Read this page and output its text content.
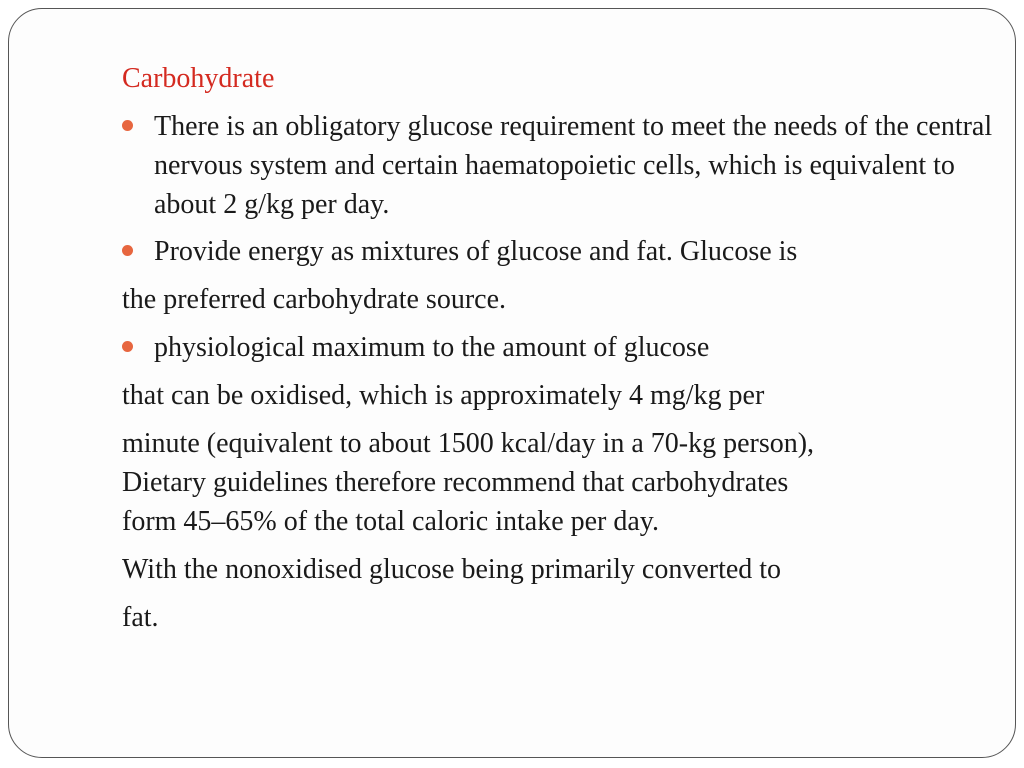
Carbohydrate
There is an obligatory glucose requirement to meet the needs of the central nervous system and certain haematopoietic cells, which is equivalent to about 2 g/kg per day.
Provide energy as mixtures of glucose and fat. Glucose is
the preferred carbohydrate source.
physiological maximum to the amount of glucose
that can be oxidised, which is approximately 4 mg/kg per
minute (equivalent to about 1500 kcal/day in a 70-kg person),
Dietary guidelines therefore recommend that carbohydrates
form 45–65% of the total caloric intake per day.
With the nonoxidised glucose being primarily converted to
fat.
